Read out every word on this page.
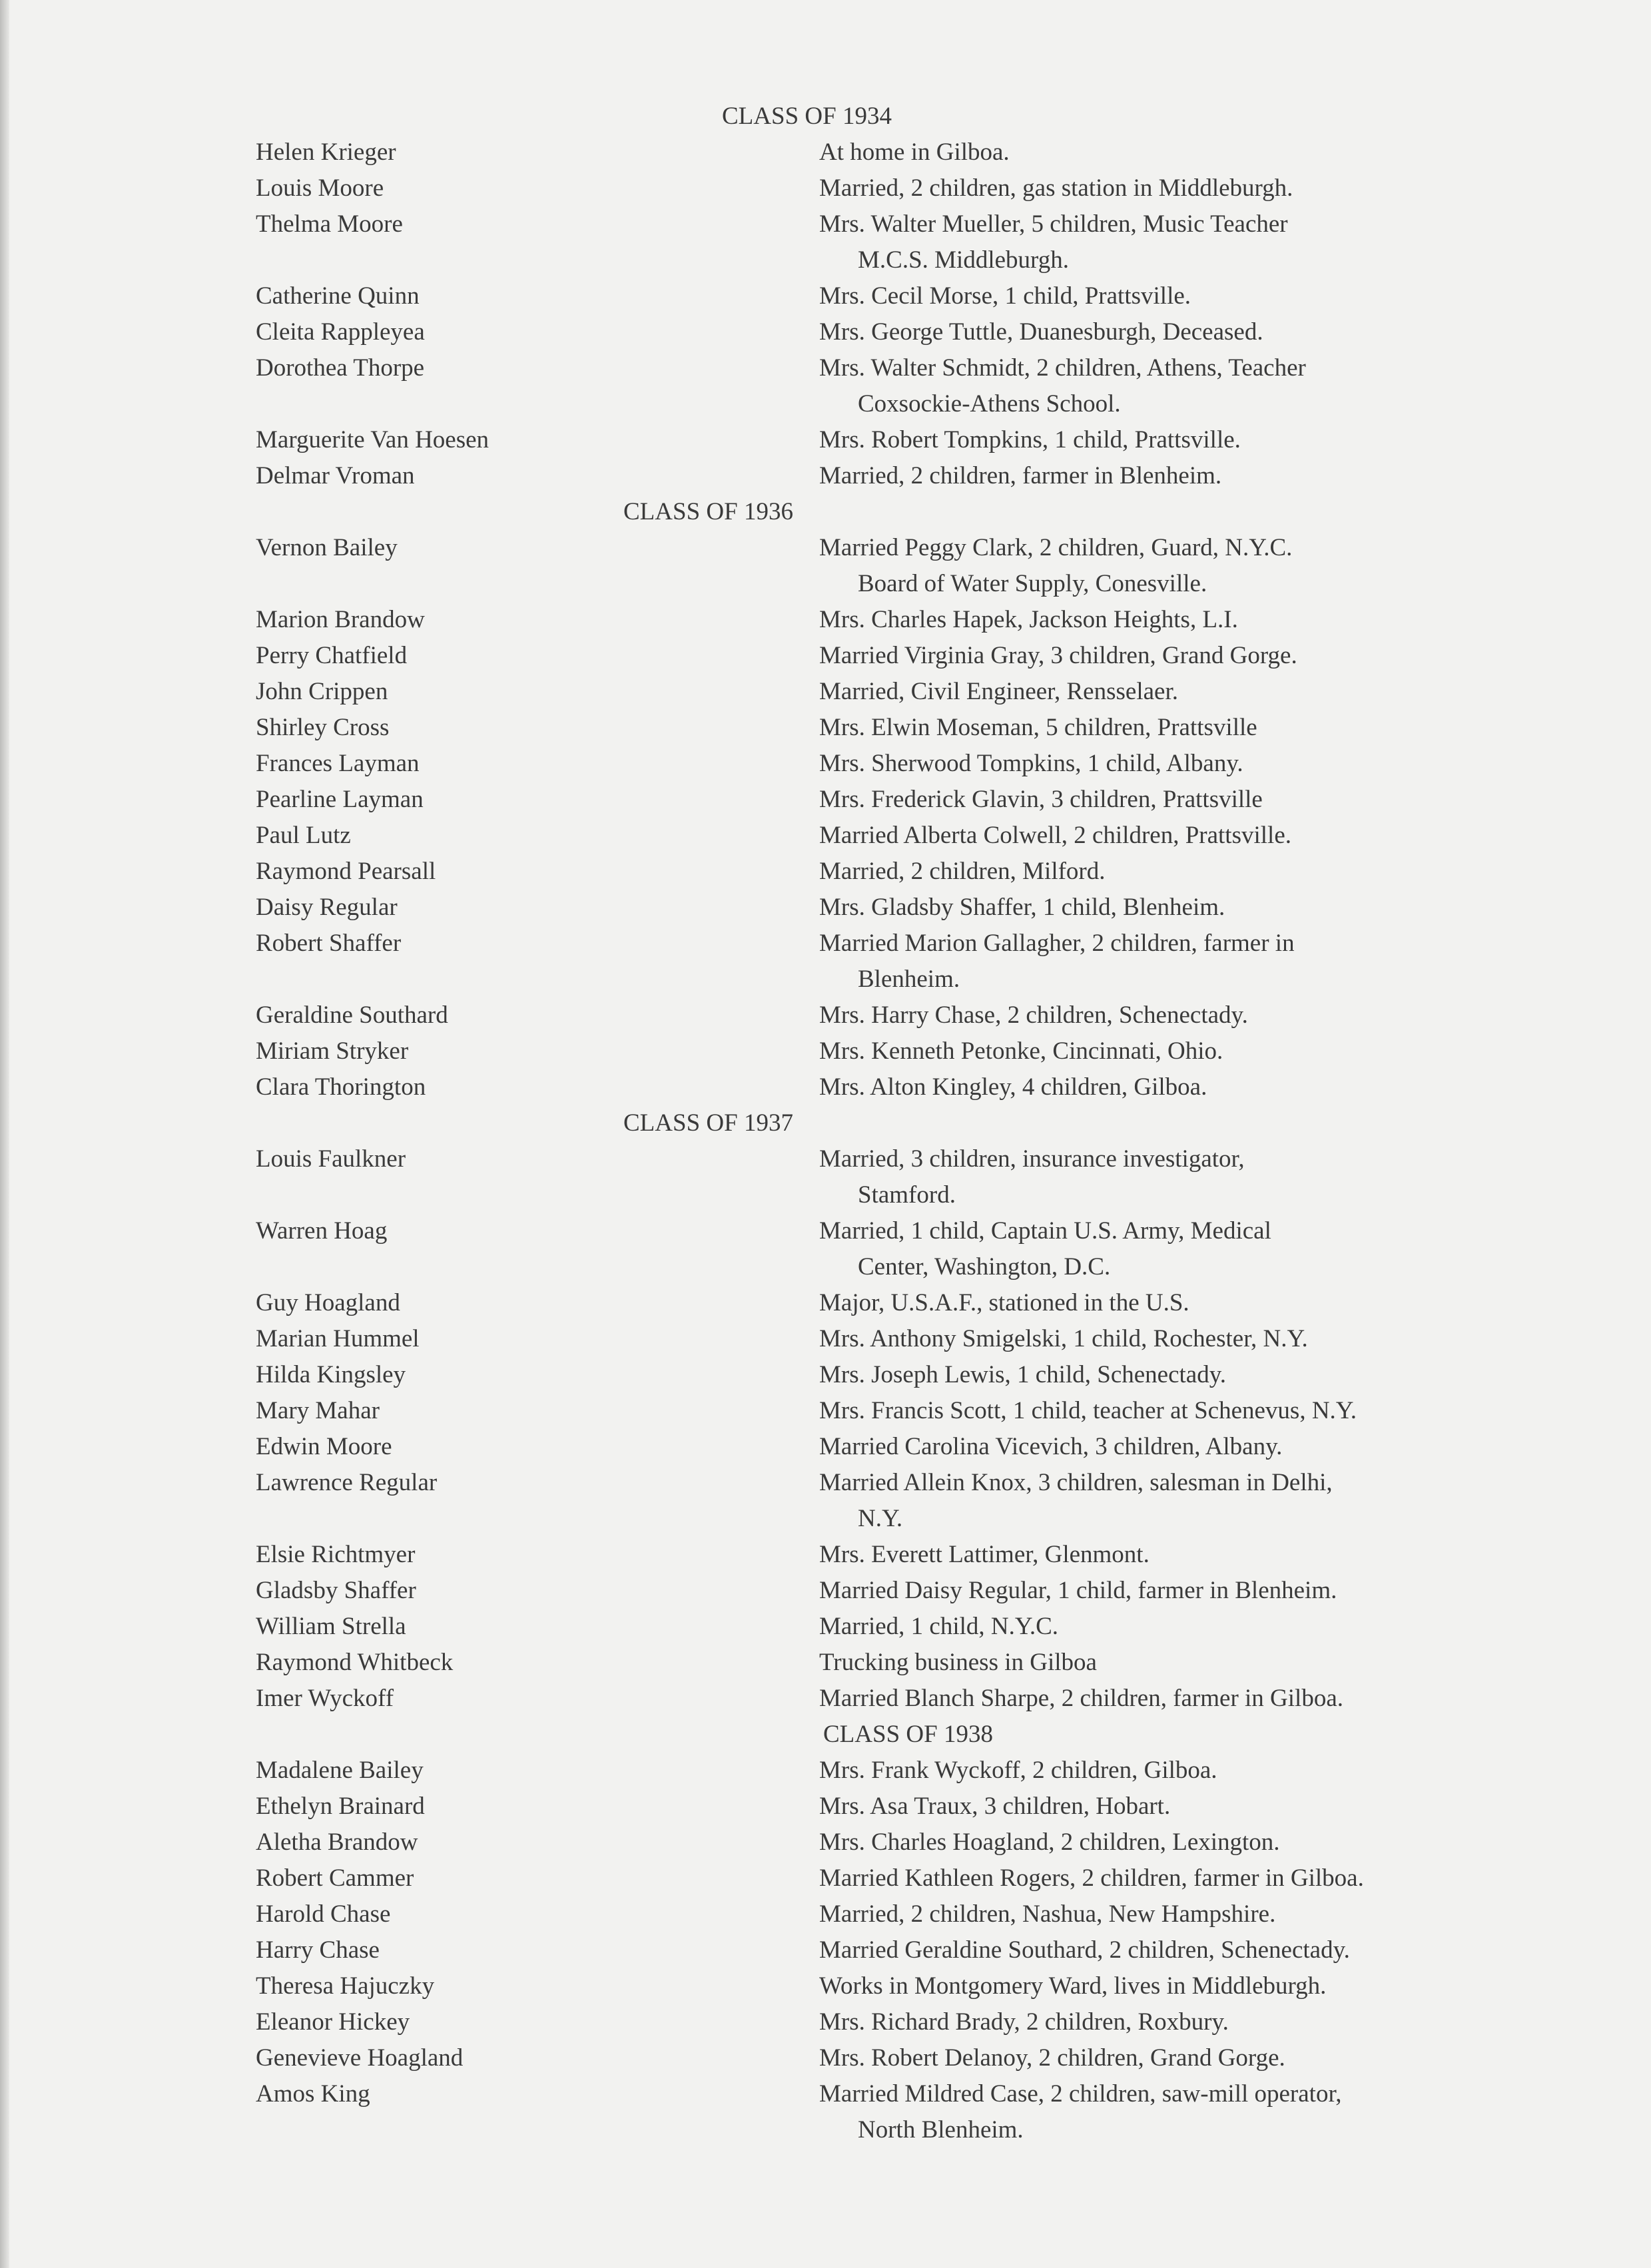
CLASS OF 1934
Helen Krieger	At home in Gilboa.
Louis Moore	Married, 2 children, gas station in Middleburgh.
Thelma Moore	Mrs. Walter Mueller, 5 children, Music Teacher
M.C.S. Middleburgh.
Catherine Quinn	Mrs. Cecil Morse, 1 child, Prattsville.
Cleita Rappleyea	Mrs. George Tuttle, Duanesburgh, Deceased.
Dorothea Thorpe	Mrs. Walter Schmidt, 2 children, Athens, Teacher
Coxsockie-Athens School.
Marguerite Van Hoesen	Mrs. Robert Tompkins, 1 child, Prattsville.
Delmar Vroman	Married, 2 children, farmer in Blenheim.
CLASS OF 1936
Vernon Bailey	Married Peggy Clark, 2 children, Guard, N.Y.C.
Board of Water Supply, Conesville.
Marion Brandow	Mrs. Charles Hapek, Jackson Heights, L.I.
Perry Chatfield	Married Virginia Gray, 3 children, Grand Gorge.
John Crippen	Married, Civil Engineer, Rensselaer.
Shirley Cross	Mrs. Elwin Moseman, 5 children, Prattsville
Frances Layman	Mrs. Sherwood Tompkins, 1 child, Albany.
Pearline Layman	Mrs. Frederick Glavin, 3 children, Prattsville
Paul Lutz	Married Alberta Colwell, 2 children, Prattsville.
Raymond Pearsall	Married, 2 children, Milford.
Daisy Regular	Mrs. Gladsby Shaffer, 1 child, Blenheim.
Robert Shaffer	Married Marion Gallagher, 2 children, farmer in
Blenheim.
Geraldine Southard	Mrs. Harry Chase, 2 children, Schenectady.
Miriam Stryker	Mrs. Kenneth Petonke, Cincinnati, Ohio.
Clara Thorington	Mrs. Alton Kingley, 4 children, Gilboa.
CLASS OF 1937
Louis Faulkner	Married, 3 children, insurance investigator,
Stamford.
Warren Hoag	Married, 1 child, Captain U.S. Army, Medical
Center, Washington, D.C.
Guy Hoagland	Major, U.S.A.F., stationed in the U.S.
Marian Hummel	Mrs. Anthony Smigelski, 1 child, Rochester, N.Y.
Hilda Kingsley	Mrs. Joseph Lewis, 1 child, Schenectady.
Mary Mahar	Mrs. Francis Scott, 1 child, teacher at Schenevus, N.Y.
Edwin Moore	Married Carolina Vicevich, 3 children, Albany.
Lawrence Regular	Married Allein Knox, 3 children, salesman in Delhi,
N.Y.
Elsie Richtmyer	Mrs. Everett Lattimer, Glenmont.
Gladsby Shaffer	Married Daisy Regular, 1 child, farmer in Blenheim.
William Strella	Married, 1 child, N.Y.C.
Raymond Whitbeck	Trucking business in Gilboa
Imer Wyckoff	Married Blanch Sharpe, 2 children, farmer in Gilboa.
CLASS OF 1938
Madalene Bailey	Mrs. Frank Wyckoff, 2 children, Gilboa.
Ethelyn Brainard	Mrs. Asa Traux, 3 children, Hobart.
Aletha Brandow	Mrs. Charles Hoagland, 2 children, Lexington.
Robert Cammer	Married Kathleen Rogers, 2 children, farmer in Gilboa.
Harold Chase	Married, 2 children, Nashua, New Hampshire.
Harry Chase	Married Geraldine Southard, 2 children, Schenectady.
Theresa Hajuczky	Works in Montgomery Ward, lives in Middleburgh.
Eleanor Hickey	Mrs. Richard Brady, 2 children, Roxbury.
Genevieve Hoagland	Mrs. Robert Delanoy, 2 children, Grand Gorge.
Amos King	Married Mildred Case, 2 children, saw-mill operator,
North Blenheim.
